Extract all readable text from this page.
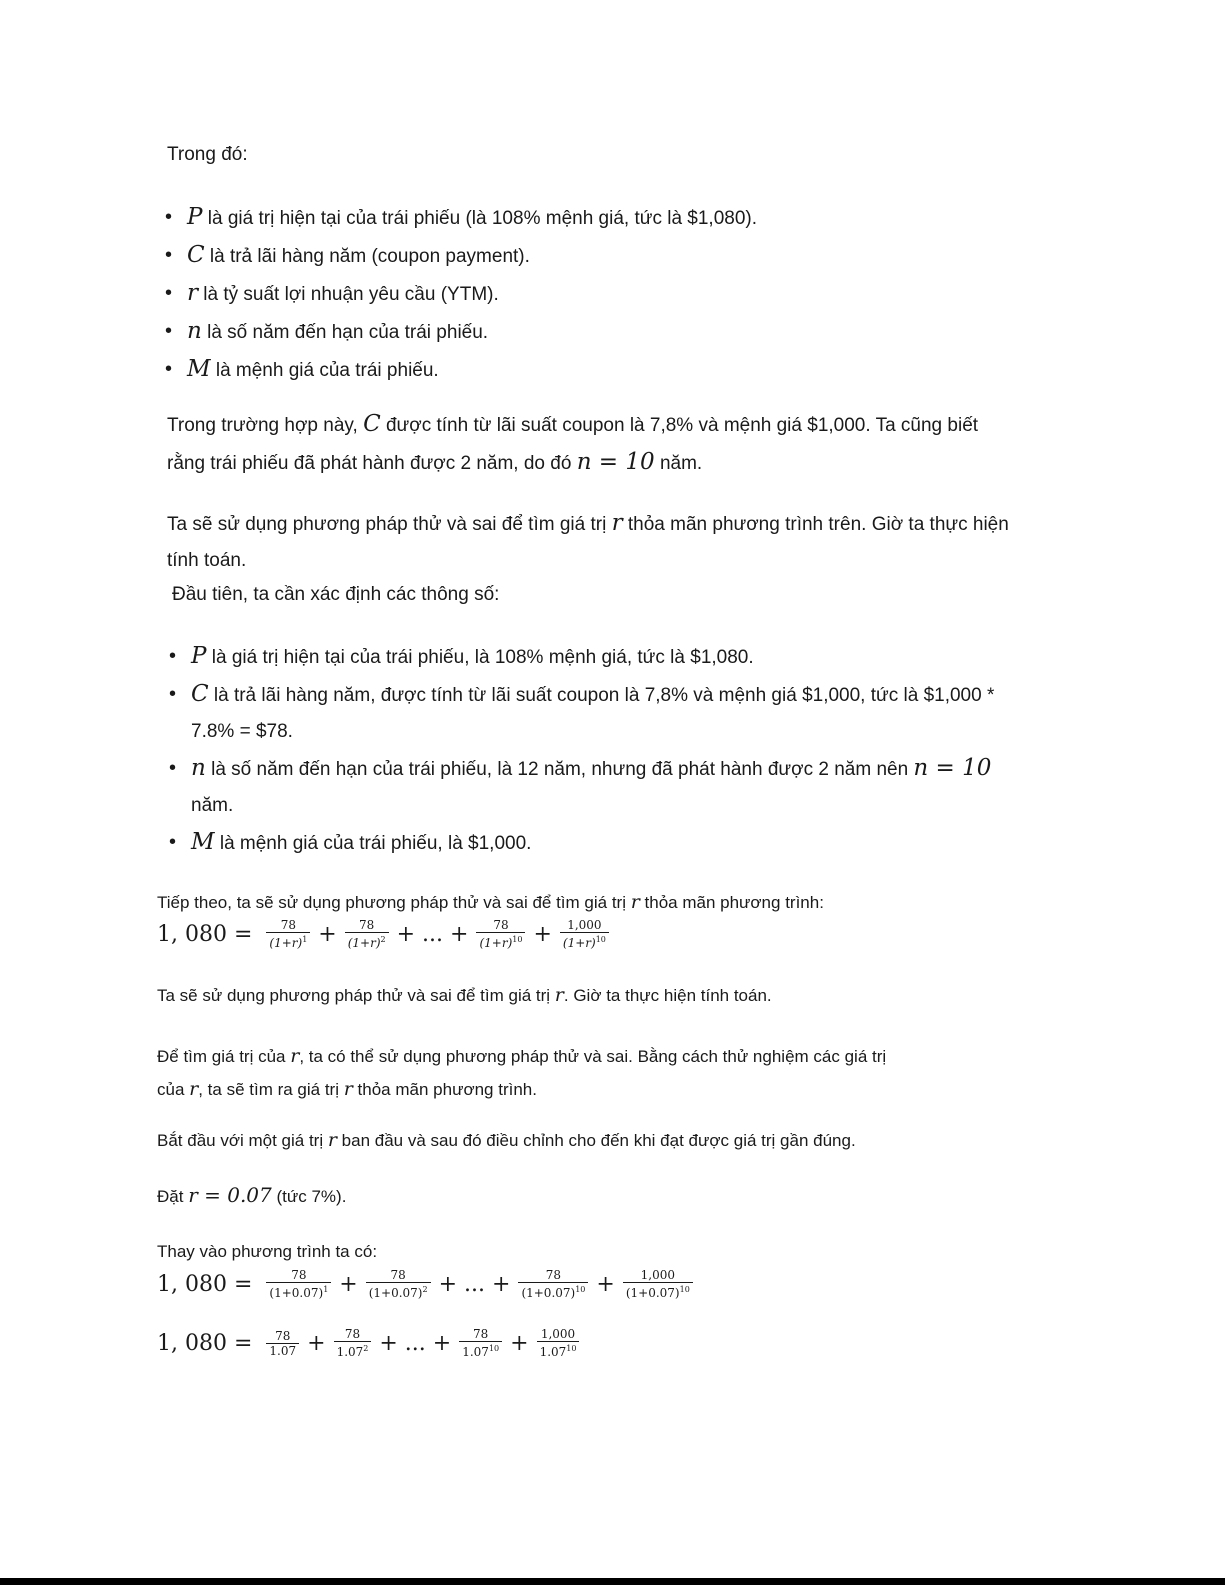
Trong đó:

• P là giá trị hiện tại của trái phiếu (là 108% mệnh giá, tức là $1,080).
• C là trả lãi hàng năm (coupon payment).
• r là tỷ suất lợi nhuận yêu cầu (YTM).
• n là số năm đến hạn của trái phiếu.
• M là mệnh giá của trái phiếu.

Trong trường hợp này, C được tính từ lãi suất coupon là 7,8% và mệnh giá $1,000. Ta cũng biết
rằng trái phiếu đã phát hành được 2 năm, do đó n = 10 năm.

Ta sẽ sử dụng phương pháp thử và sai để tìm giá trị r thỏa mãn phương trình trên. Giờ ta thực hiện
tính toán.

Đầu tiên, ta cần xác định các thông số:

• P là giá trị hiện tại của trái phiếu, là 108% mệnh giá, tức là $1,080.
• C là trả lãi hàng năm, được tính từ lãi suất coupon là 7,8% và mệnh giá $1,000, tức là $1,000 *
7.8% = $78.
• n là số năm đến hạn của trái phiếu, là 12 năm, nhưng đã phát hành được 2 năm nên n = 10
năm.
• M là mệnh giá của trái phiếu, là $1,000.

Tiếp theo, ta sẽ sử dụng phương pháp thử và sai để tìm giá trị r thỏa mãn phương trình:

1, $080 = \frac{78}{(1+r)^1} + \frac{78}{(1+r)^2}$ + ... + $\frac{78}{(1+r)^{10}} + \frac{1,000}{(1+r)^{10}}$

Ta sẽ sử dụng phương pháp thử và sai để tìm giá trị r. Giờ ta thực hiện tính toán.

Để tìm giá trị của r, ta có thể sử dụng phương pháp thử và sai. Bằng cách thử nghiệm các giá trị
của r, ta sẽ tìm ra giá trị r thỏa mãn phương trình.

Bắt đầu với một giá trị r ban đầu và sau đó điều chỉnh cho đến khi đạt được giá trị gần đúng.

Đặt r = 0.07 (tức 7%).

Thay vào phương trình ta có:

1, $080 = \frac{78}{(1+0.07)^1} + \frac{78}{(1+0.07)^2}$ + ... + $\frac{78}{(1+0.07)^{10}} + \frac{1,000}{(1+0.07)^{10}}$
1, $080 = \frac{78}{1.07} + \frac{78}{1.07^2}$ + ... + $\frac{78}{1.07^{10}} + \frac{1,000}{1.07^{10}}$
